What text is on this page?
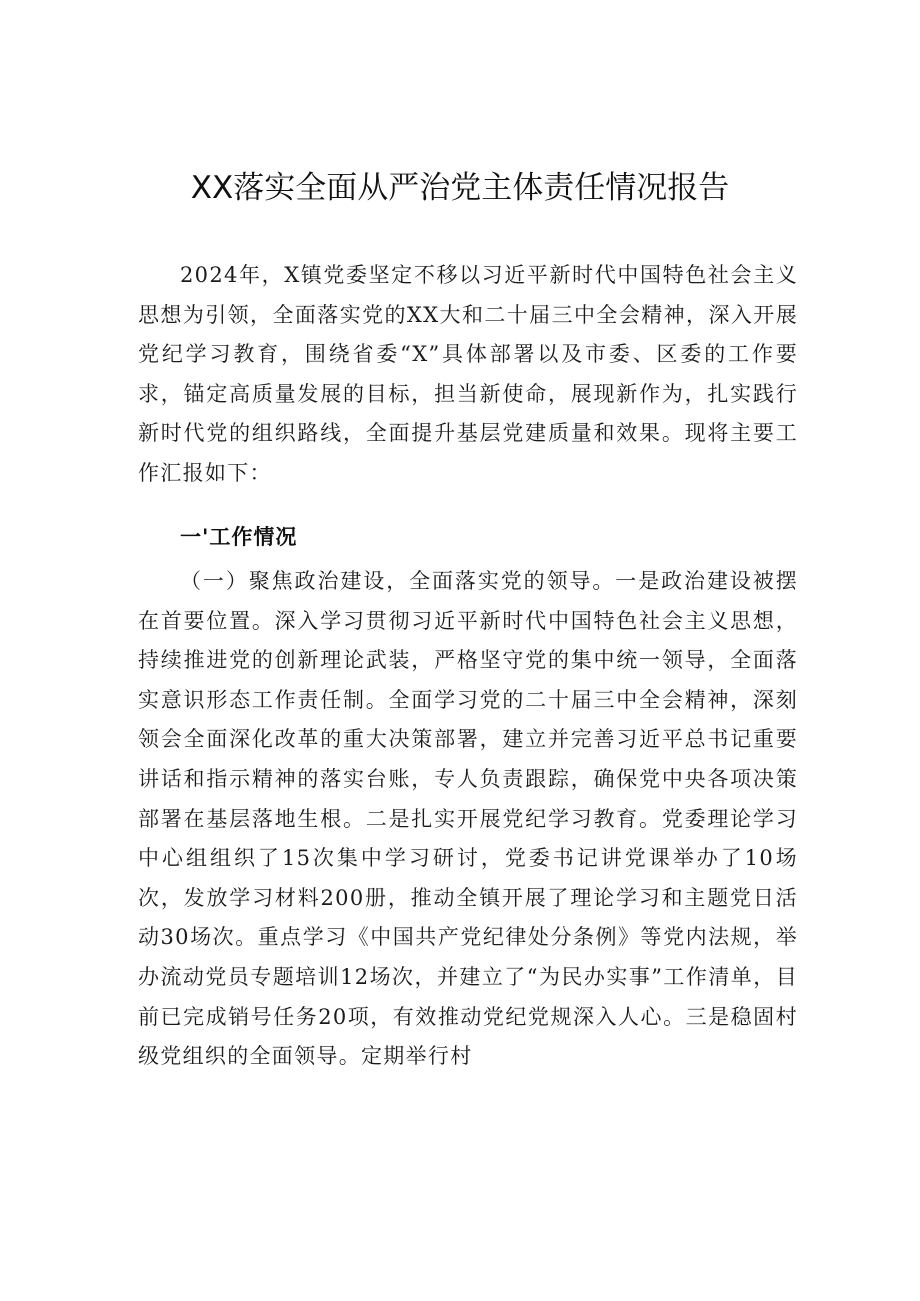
XX落实全面从严治党主体责任情况报告

2024年，X镇党委坚定不移以习近平新时代中国特色社会主义思想为引领，全面落实党的XX大和二十届三中全会精神，深入开展党纪学习教育，围绕省委“X”具体部署以及市委、区委的工作要求，锚定高质量发展的目标，担当新使命，展现新作为，扎实践行新时代党的组织路线，全面提升基层党建质量和效果。现将主要工作汇报如下：

一'工作情况

（一）聚焦政治建设，全面落实党的领导。一是政治建设被摆在首要位置。深入学习贯彻习近平新时代中国特色社会主义思想，持续推进党的创新理论武装，严格坚守党的集中统一领导，全面落实意识形态工作责任制。全面学习党的二十届三中全会精神，深刻领会全面深化改革的重大决策部署，建立并完善习近平总书记重要讲话和指示精神的落实台账，专人负责跟踪，确保党中央各项决策部署在基层落地生根。二是扎实开展党纪学习教育。党委理论学习中心组组织了15次集中学习研讨，党委书记讲党课举办了10场次，发放学习材料200册，推动全镇开展了理论学习和主题党日活动30场次。重点学习《中国共产党纪律处分条例》等党内法规，举办流动党员专题培训12场次，并建立了“为民办实事”工作清单，目前已完成销号任务20项，有效推动党纪党规深入人心。三是稳固村级党组织的全面领导。定期举行村
